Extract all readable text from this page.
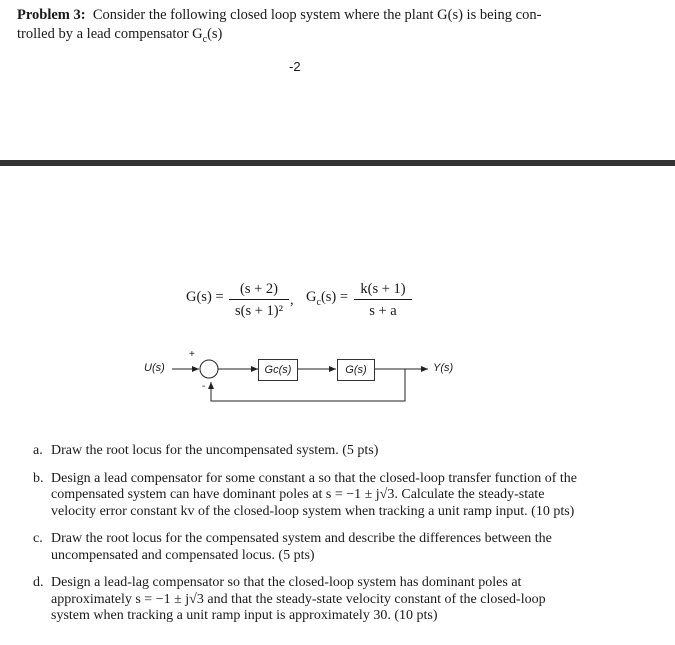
Problem 3: Consider the following closed loop system where the plant G(s) is being con-
trolled by a lead compensator $G_c(s)$
-2
G(s) =	(s + 2)
s(s + 1)²
, $G_c(s) = k(s + 1)$
s + a
U(s)	Y(s)
+
-
Gc(s)	G(s)
a. Draw the root locus for the uncompensated system. (5 pts)
b. Design a lead compensator for some constant a so that the closed-loop transfer function of the compensated system can have dominant poles at s = −1 ± j√3. Calculate the steady-state velocity error constant kv of the closed-loop system when tracking a unit ramp input. (10 pts)
c. Draw the root locus for the compensated system and describe the differences between the uncompensated and compensated locus. (5 pts)
d. Design a lead-lag compensator so that the closed-loop system has dominant poles at approximately s = −1 ± j√3 and that the steady-state velocity constant of the closed-loop system when tracking a unit ramp input is approximately 30. (10 pts)
